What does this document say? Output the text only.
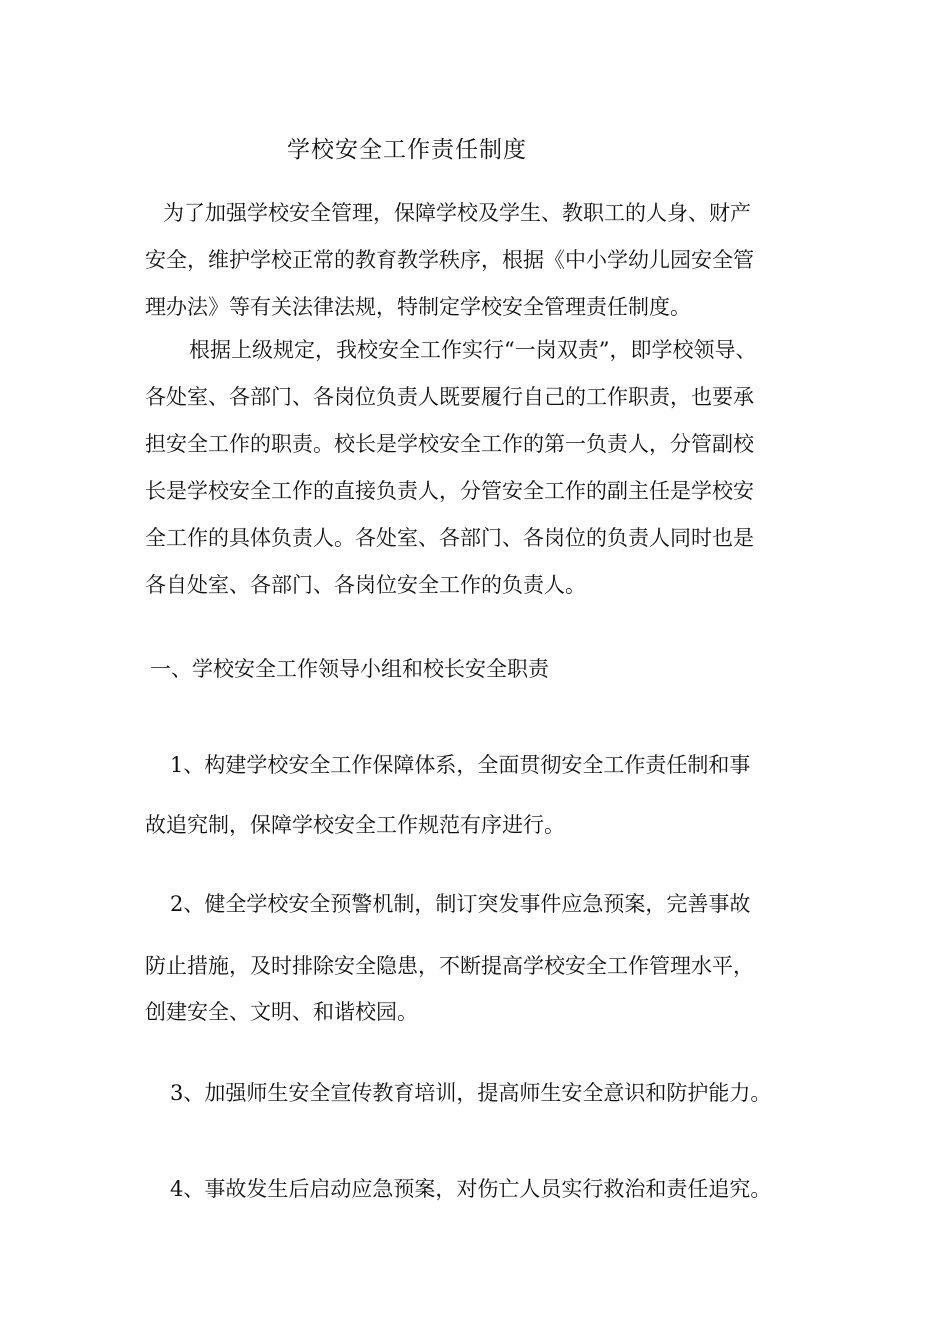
学校安全工作责任制度
为了加强学校安全管理，保障学校及学生、教职工的人身、财产
安全，维护学校正常的教育教学秩序，根据《中小学幼儿园安全管
理办法》等有关法律法规，特制定学校安全管理责任制度。
根据上级规定，我校安全工作实行“一岗双责”，即学校领导、
各处室、各部门、各岗位负责人既要履行自己的工作职责，也要承
担安全工作的职责。校长是学校安全工作的第一负责人，分管副校
长是学校安全工作的直接负责人，分管安全工作的副主任是学校安
全工作的具体负责人。各处室、各部门、各岗位的负责人同时也是
各自处室、各部门、各岗位安全工作的负责人。
一、学校安全工作领导小组和校长安全职责
1、构建学校安全工作保障体系，全面贯彻安全工作责任制和事
故追究制，保障学校安全工作规范有序进行。
2、健全学校安全预警机制，制订突发事件应急预案，完善事故
防止措施，及时排除安全隐患，不断提高学校安全工作管理水平，
创建安全、文明、和谐校园。
3、加强师生安全宣传教育培训，提高师生安全意识和防护能力。
4、事故发生后启动应急预案，对伤亡人员实行救治和责任追究。
